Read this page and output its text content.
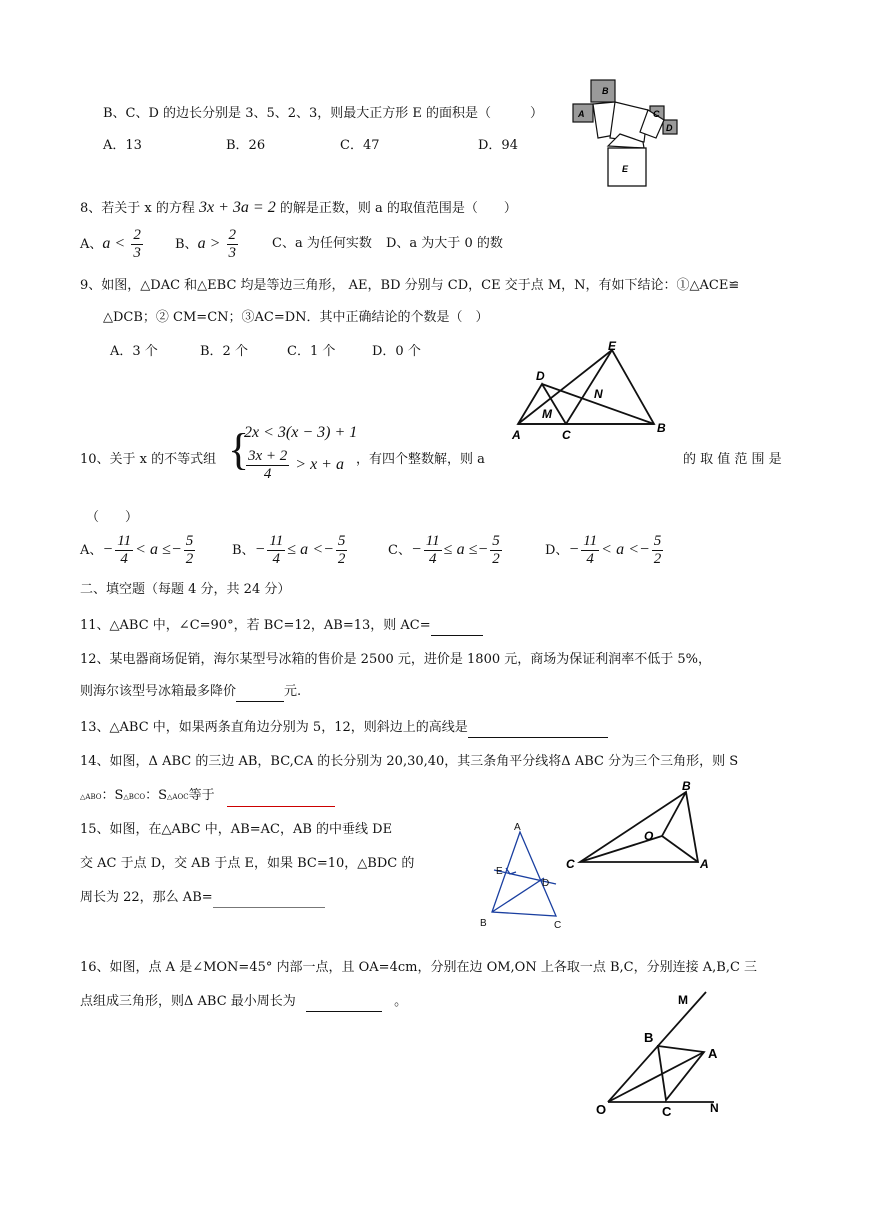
B、C、D 的边长分别是 3、5、2、3，则最大正方形 E 的面积是（　　　）
A．13	B．26	C．47	D．94
B
A	C
D
E
8、若关于 x 的方程 3x + 3a = 2 的解是正数，则 a 的取值范围是（　　）
A、$a < \frac{2}{3}$ B、$a > \frac{2}{3}$	C、a 为任何实数 D、a 为大于 0 的数
9、如图，△DAC 和△EBC 均是等边三角形， AE，BD 分别与 CD，CE 交于点 M，N，有如下结论：①△ACE≌
△DCB；② CM=CN；③AC=DN．其中正确结论的个数是（　）
A．3 个	B．2 个	C．1 个	D．0 个	E
D
N
M
A	C	B
10、关于 x 的不等式组 {
2x < 3(x − 3) + 1
$\frac{3x + 2}{4} > x + a$ ，有四个整数解，则 a	的 取 值 范 围 是
（　　）
A、− $\frac{11}{4} < a \le- \frac{5}{2}$	B、− $\frac{11}{4} \le a <- \frac{5}{2}$	C、− $\frac{11}{4} \le a \le- \frac{5}{2}$	D、− $\frac{11}{4} < a <- \frac{5}{2}$
二、填空题（每题 4 分，共 24 分）
11、△ABC 中，∠C=90°，若 BC=12，AB=13，则 AC=
12、某电器商场促销，海尔某型号冰箱的售价是 2500 元，进价是 1800 元，商场为保证利润率不低于 5%，
则海尔该型号冰箱最多降价	元.
13、△ABC 中，如果两条直角边分别为 5，12，则斜边上的高线是
14、如图，Δ ABC 的三边 AB，BC,CA 的长分别为 20,30,40，其三条角平分线将Δ ABC 分为三个三角形，则 S
△ABO：S△BCO：S△AOC等于
B
O
C	A
15、如图，在△ABC 中，AB=AC，AB 的中垂线 DE
交 AC 于点 D，交 AB 于点 E，如果 BC=10，△BDC 的
周长为 22，那么 AB=
A
E
D
B	C
16、如图，点 A 是∠MON=45° 内部一点，且 OA=4cm，分别在边 OM,ON 上各取一点 B,C，分别连接 A,B,C 三
点组成三角形，则Δ ABC 最小周长为	。	M
B
A
O	C	N
